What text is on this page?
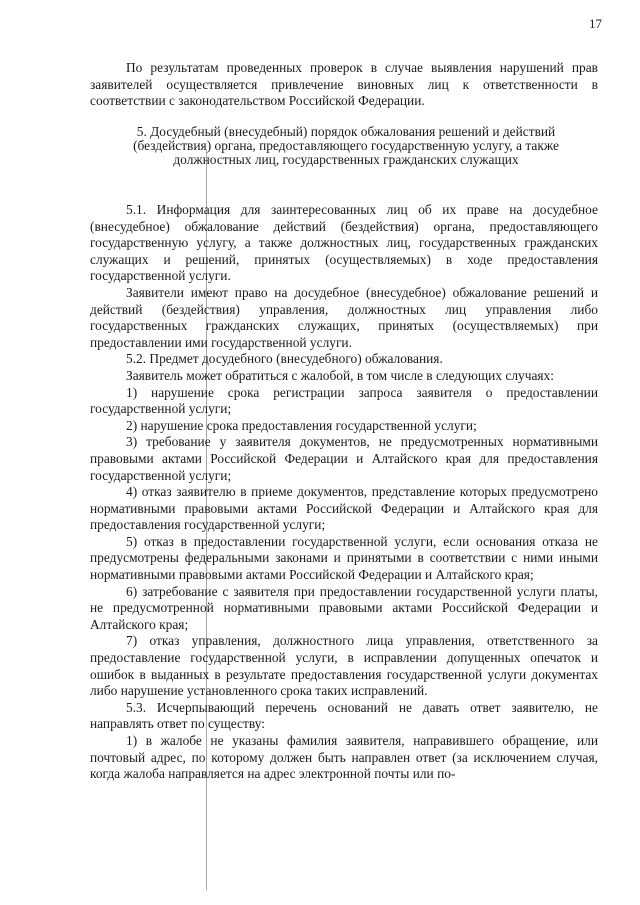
17

По результатам проведенных проверок в случае выявления нарушений прав заявителей осуществляется привлечение виновных лиц к ответственности в соответствии с законодательством Российской Федерации.

5. Досудебный (внесудебный) порядок обжалования решений и действий (бездействия) органа, предоставляющего государственную услугу, а также должностных лиц, государственных гражданских служащих

5.1. Информация для заинтересованных лиц об их праве на досудебное (внесудебное) обжалование действий (бездействия) органа, предоставляющего государственную услугу, а также должностных лиц, государственных гражданских служащих и решений, принятых (осуществляемых) в ходе предоставления государственной услуги.

Заявители имеют право на досудебное (внесудебное) обжалование решений и действий (бездействия) управления, должностных лиц управления либо государственных гражданских служащих, принятых (осуществляемых) при предоставлении ими государственной услуги.

5.2. Предмет досудебного (внесудебного) обжалования.

Заявитель может обратиться с жалобой, в том числе в следующих случаях:

1) нарушение срока регистрации запроса заявителя о предоставлении государственной услуги;

2) нарушение срока предоставления государственной услуги;

3) требование у заявителя документов, не предусмотренных нормативными правовыми актами Российской Федерации и Алтайского края для предоставления государственной услуги;

4) отказ заявителю в приеме документов, представление которых предусмотрено нормативными правовыми актами Российской Федерации и Алтайского края для предоставления государственной услуги;

5) отказ в предоставлении государственной услуги, если основания отказа не предусмотрены федеральными законами и принятыми в соответствии с ними иными нормативными правовыми актами Российской Федерации и Алтайского края;

6) затребование с заявителя при предоставлении государственной услуги платы, не предусмотренной нормативными правовыми актами Российской Федерации и Алтайского края;

7) отказ управления, должностного лица управления, ответственного за предоставление государственной услуги, в исправлении допущенных опечаток и ошибок в выданных в результате предоставления государственной услуги документах либо нарушение установленного срока таких исправлений.

5.3. Исчерпывающий перечень оснований не давать ответ заявителю, не направлять ответ по существу:

1) в жалобе не указаны фамилия заявителя, направившего обращение, или почтовый адрес, по которому должен быть направлен ответ (за исключением случая, когда жалоба направляется на адрес электронной почты или по-
